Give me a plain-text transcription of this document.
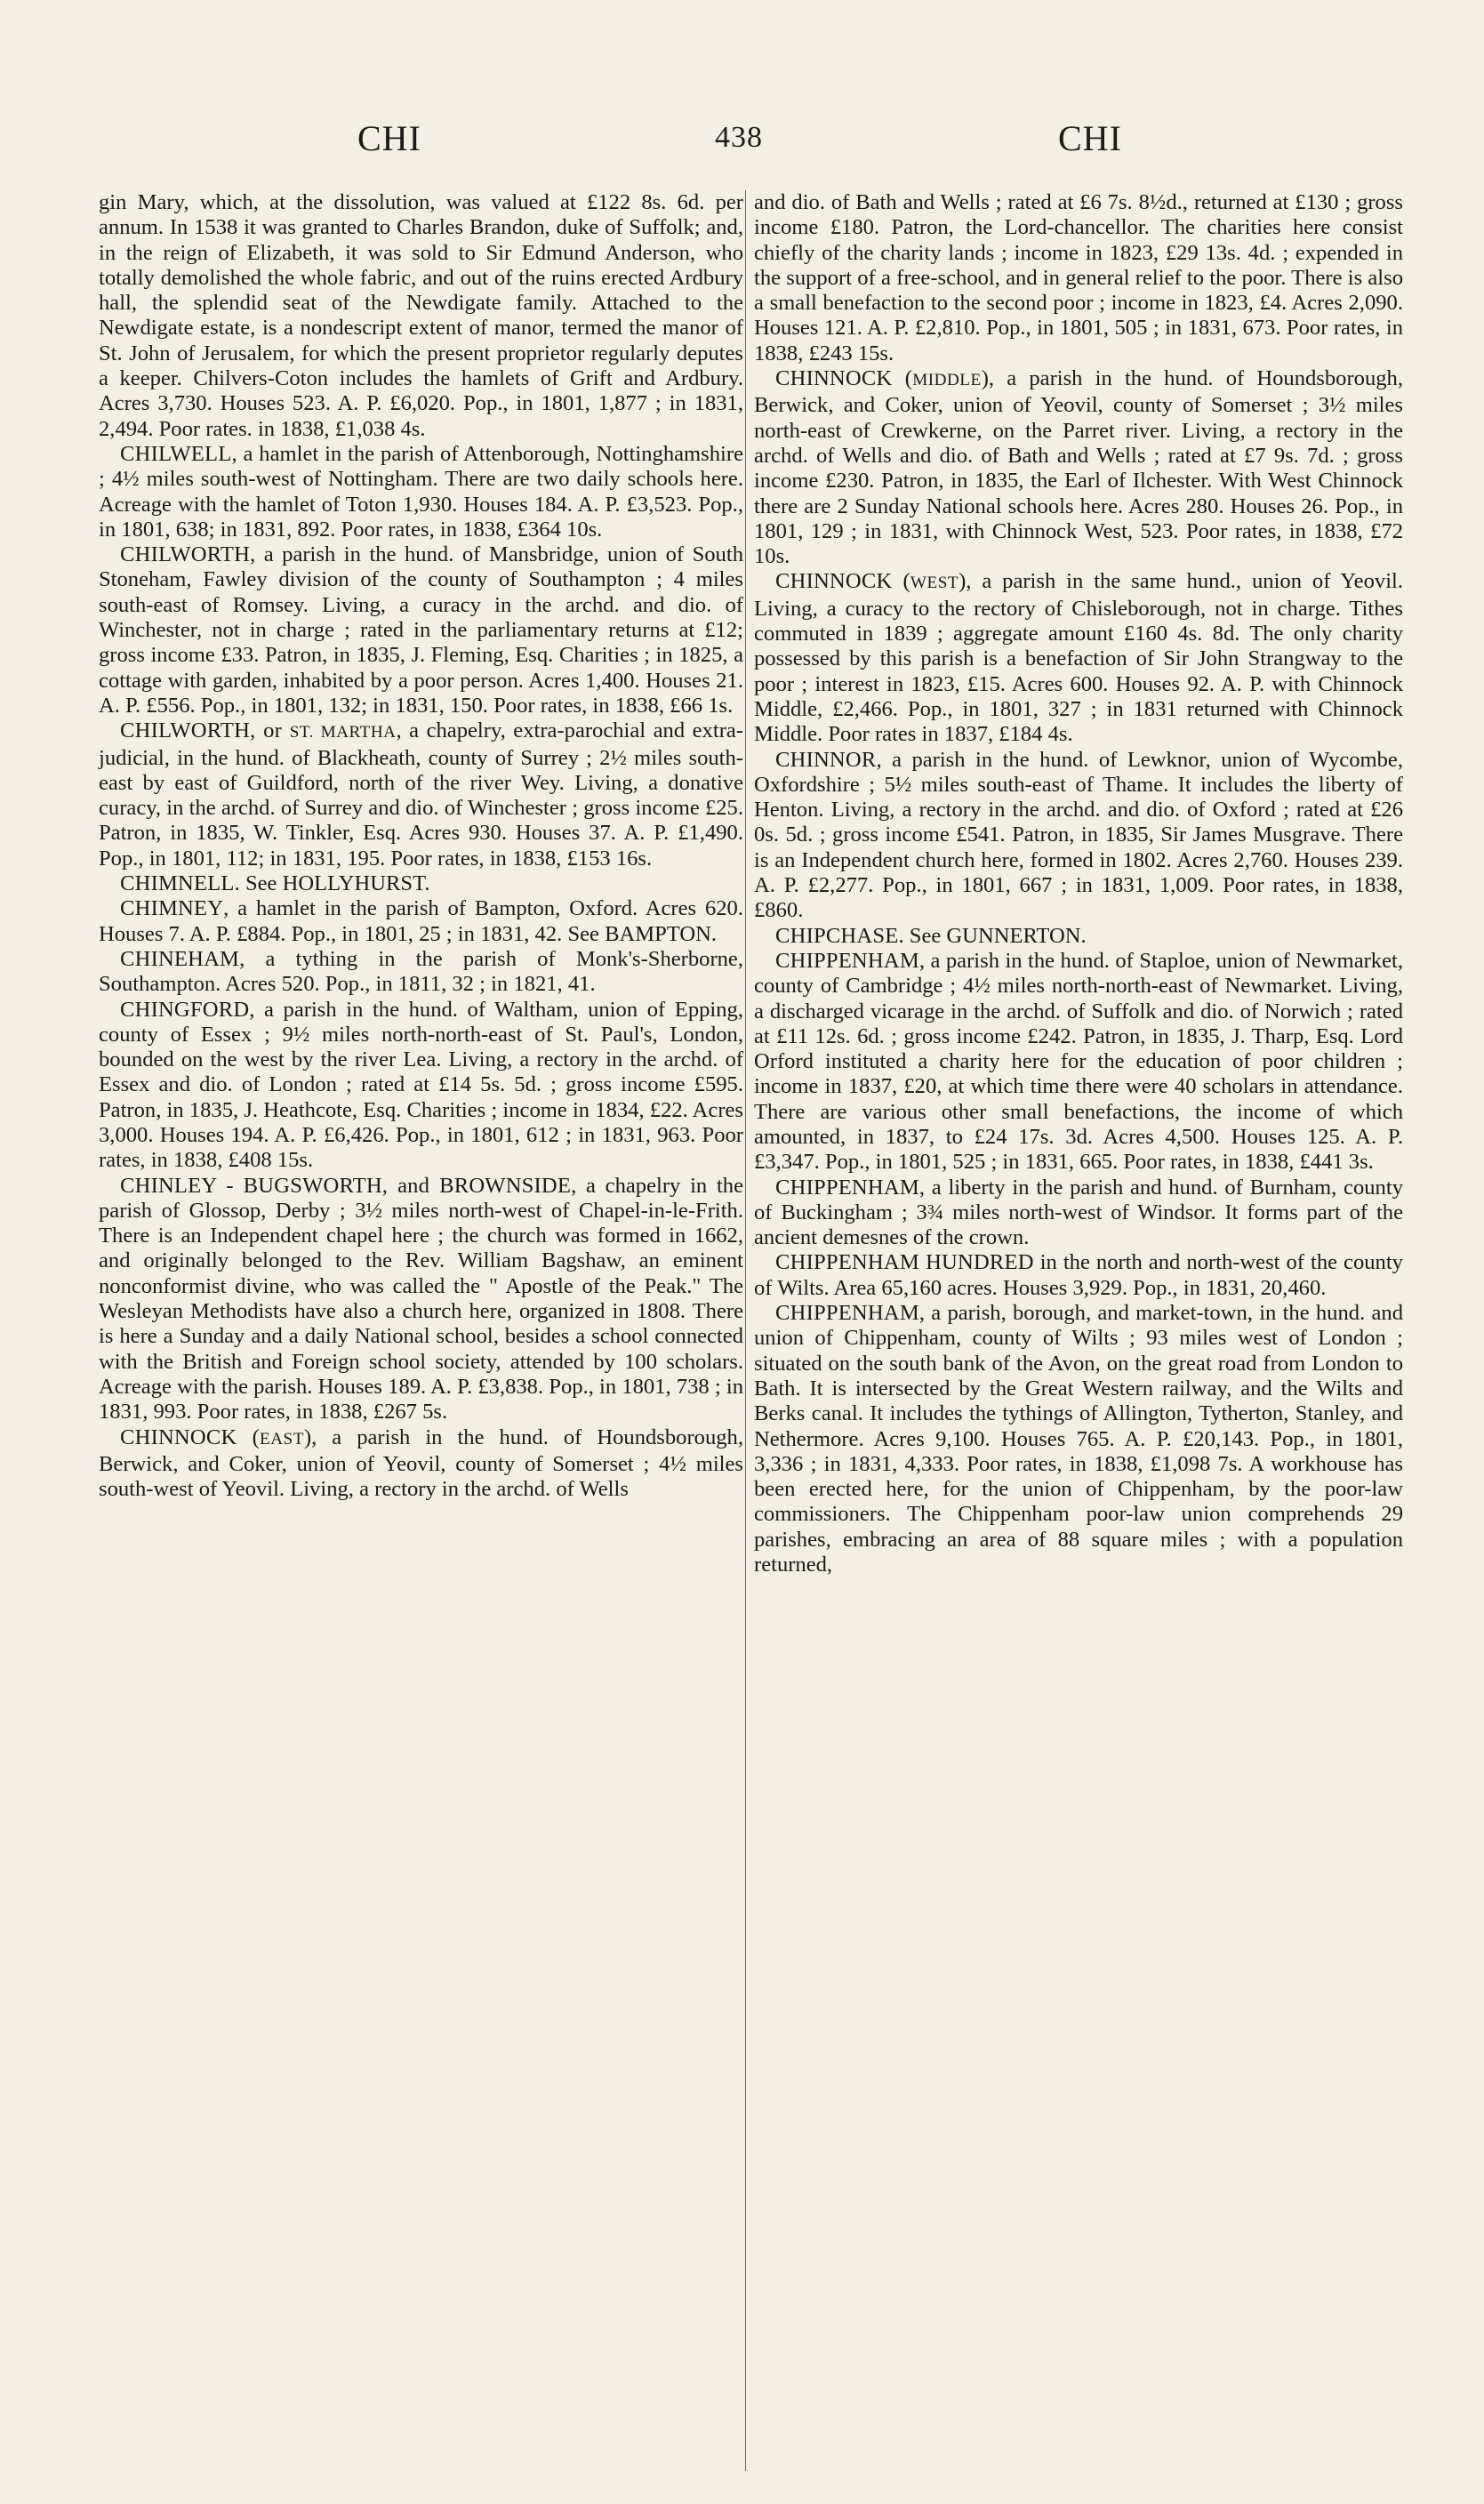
CHI	438	CHI

gin Mary, which, at the dissolution, was valued at £122 8s. 6d. per annum. In 1538 it was granted to Charles Brandon, duke of Suffolk; and, in the reign of Elizabeth, it was sold to Sir Edmund Anderson, who totally demolished the whole fabric, and out of the ruins erected Ardbury hall, the splendid seat of the Newdigate family. Attached to the Newdigate estate, is a nondescript extent of manor, termed the manor of St. John of Jerusalem, for which the present proprietor regularly deputes a keeper. Chilvers-Coton includes the hamlets of Grift and Ardbury. Acres 3,730. Houses 523. A. P. £6,020. Pop., in 1801, 1,877 ; in 1831, 2,494. Poor rates. in 1838, £1,038 4s.

CHILWELL, a hamlet in the parish of Attenborough, Nottinghamshire ; 4½ miles south-west of Nottingham. There are two daily schools here. Acreage with the hamlet of Toton 1,930. Houses 184. A. P. £3,523. Pop., in 1801, 638; in 1831, 892. Poor rates, in 1838, £364 10s.

CHILWORTH, a parish in the hund. of Mansbridge, union of South Stoneham, Fawley division of the county of Southampton ; 4 miles south-east of Romsey. Living, a curacy in the archd. and dio. of Winchester, not in charge ; rated in the parliamentary returns at £12; gross income £33. Patron, in 1835, J. Fleming, Esq. Charities ; in 1825, a cottage with garden, inhabited by a poor person. Acres 1,400. Houses 21. A. P. £556. Pop., in 1801, 132; in 1831, 150. Poor rates, in 1838, £66 1s.

CHILWORTH, or ST. MARTHA, a chapelry, extra-parochial and extra-judicial, in the hund. of Blackheath, county of Surrey ; 2½ miles south-east by east of Guildford, north of the river Wey. Living, a donative curacy, in the archd. of Surrey and dio. of Winchester ; gross income £25. Patron, in 1835, W. Tinkler, Esq. Acres 930. Houses 37. A. P. £1,490. Pop., in 1801, 112; in 1831, 195. Poor rates, in 1838, £153 16s.

CHIMNELL. See HOLLYHURST.

CHIMNEY, a hamlet in the parish of Bampton, Oxford. Acres 620. Houses 7. A. P. £884. Pop., in 1801, 25 ; in 1831, 42. See BAMPTON.

CHINEHAM, a tything in the parish of Monk's-Sherborne, Southampton. Acres 520. Pop., in 1811, 32 ; in 1821, 41.

CHINGFORD, a parish in the hund. of Waltham, union of Epping, county of Essex ; 9½ miles north-north-east of St. Paul's, London, bounded on the west by the river Lea. Living, a rectory in the archd. of Essex and dio. of London ; rated at £14 5s. 5d. ; gross income £595. Patron, in 1835, J. Heathcote, Esq. Charities ; income in 1834, £22. Acres 3,000. Houses 194. A. P. £6,426. Pop., in 1801, 612 ; in 1831, 963. Poor rates, in 1838, £408 15s.

CHINLEY - BUGSWORTH, and BROWNSIDE, a chapelry in the parish of Glossop, Derby ; 3½ miles north-west of Chapel-in-le-Frith. There is an Independent chapel here ; the church was formed in 1662, and originally belonged to the Rev. William Bagshaw, an eminent nonconformist divine, who was called the " Apostle of the Peak." The Wesleyan Methodists have also a church here, organized in 1808. There is here a Sunday and a daily National school, besides a school connected with the British and Foreign school society, attended by 100 scholars. Acreage with the parish. Houses 189. A. P. £3,838. Pop., in 1801, 738 ; in 1831, 993. Poor rates, in 1838, £267 5s.

CHINNOCK (EAST), a parish in the hund. of Houndsborough, Berwick, and Coker, union of Yeovil, county of Somerset ; 4½ miles south-west of Yeovil. Living, a rectory in the archd. of Wells

and dio. of Bath and Wells ; rated at £6 7s. 8½d., returned at £130 ; gross income £180. Patron, the Lord-chancellor. The charities here consist chiefly of the charity lands ; income in 1823, £29 13s. 4d. ; expended in the support of a free-school, and in general relief to the poor. There is also a small benefaction to the second poor ; income in 1823, £4. Acres 2,090. Houses 121. A. P. £2,810. Pop., in 1801, 505 ; in 1831, 673. Poor rates, in 1838, £243 15s.

CHINNOCK (MIDDLE), a parish in the hund. of Houndsborough, Berwick, and Coker, union of Yeovil, county of Somerset ; 3½ miles north-east of Crewkerne, on the Parret river. Living, a rectory in the archd. of Wells and dio. of Bath and Wells ; rated at £7 9s. 7d. ; gross income £230. Patron, in 1835, the Earl of Ilchester. With West Chinnock there are 2 Sunday National schools here. Acres 280. Houses 26. Pop., in 1801, 129 ; in 1831, with Chinnock West, 523. Poor rates, in 1838, £72 10s.

CHINNOCK (WEST), a parish in the same hund., union of Yeovil. Living, a curacy to the rectory of Chisleborough, not in charge. Tithes commuted in 1839 ; aggregate amount £160 4s. 8d. The only charity possessed by this parish is a benefaction of Sir John Strangway to the poor ; interest in 1823, £15. Acres 600. Houses 92. A. P. with Chinnock Middle, £2,466. Pop., in 1801, 327 ; in 1831 returned with Chinnock Middle. Poor rates in 1837, £184 4s.

CHINNOR, a parish in the hund. of Lewknor, union of Wycombe, Oxfordshire ; 5½ miles south-east of Thame. It includes the liberty of Henton. Living, a rectory in the archd. and dio. of Oxford ; rated at £26 0s. 5d. ; gross income £541. Patron, in 1835, Sir James Musgrave. There is an Independent church here, formed in 1802. Acres 2,760. Houses 239. A. P. £2,277. Pop., in 1801, 667 ; in 1831, 1,009. Poor rates, in 1838, £860.

CHIPCHASE. See GUNNERTON.

CHIPPENHAM, a parish in the hund. of Staploe, union of Newmarket, county of Cambridge ; 4½ miles north-north-east of Newmarket. Living, a discharged vicarage in the archd. of Suffolk and dio. of Norwich ; rated at £11 12s. 6d. ; gross income £242. Patron, in 1835, J. Tharp, Esq. Lord Orford instituted a charity here for the education of poor children ; income in 1837, £20, at which time there were 40 scholars in attendance. There are various other small benefactions, the income of which amounted, in 1837, to £24 17s. 3d. Acres 4,500. Houses 125. A. P. £3,347. Pop., in 1801, 525 ; in 1831, 665. Poor rates, in 1838, £441 3s.

CHIPPENHAM, a liberty in the parish and hund. of Burnham, county of Buckingham ; 3¾ miles north-west of Windsor. It forms part of the ancient demesnes of the crown.

CHIPPENHAM HUNDRED in the north and north-west of the county of Wilts. Area 65,160 acres. Houses 3,929. Pop., in 1831, 20,460.

CHIPPENHAM, a parish, borough, and market-town, in the hund. and union of Chippenham, county of Wilts ; 93 miles west of London ; situated on the south bank of the Avon, on the great road from London to Bath. It is intersected by the Great Western railway, and the Wilts and Berks canal. It includes the tythings of Allington, Tytherton, Stanley, and Nethermore. Acres 9,100. Houses 765. A. P. £20,143. Pop., in 1801, 3,336 ; in 1831, 4,333. Poor rates, in 1838, £1,098 7s. A workhouse has been erected here, for the union of Chippenham, by the poor-law commissioners. The Chippenham poor-law union comprehends 29 parishes, embracing an area of 88 square miles ; with a population returned,
